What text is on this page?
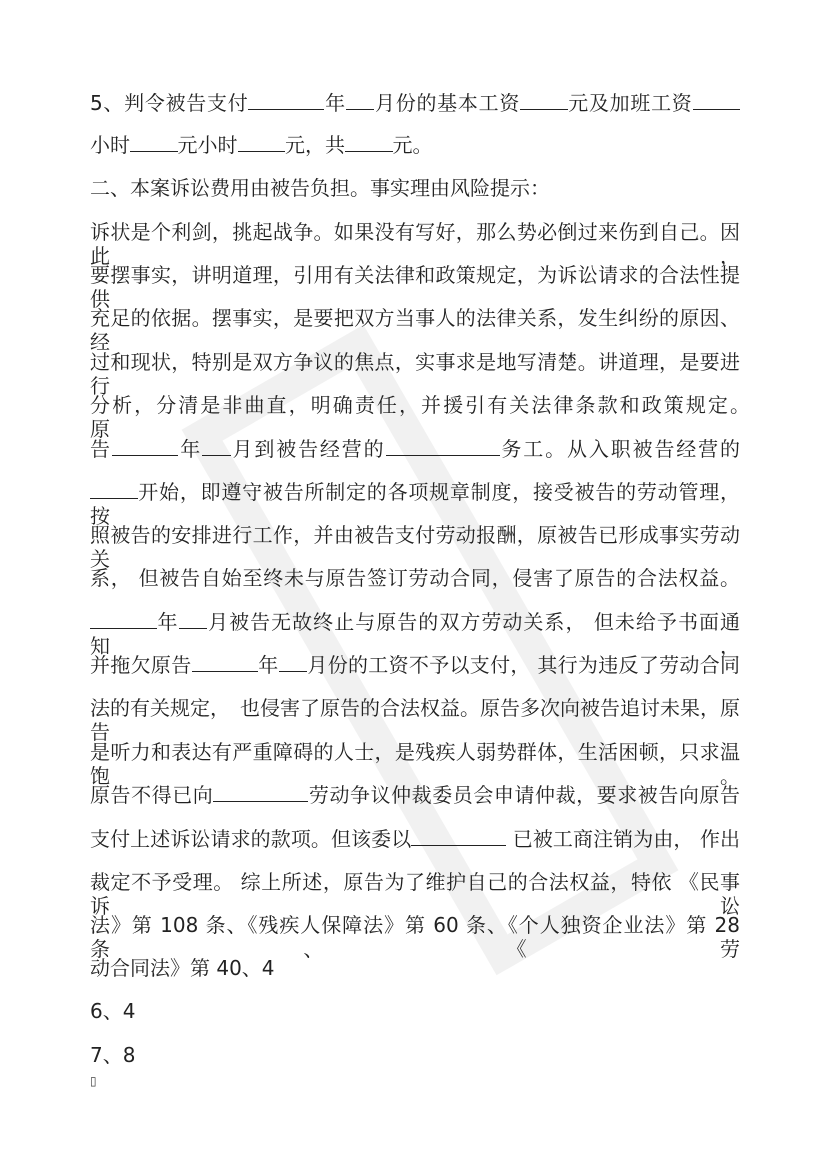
5、判令被告支付	年 月份的基本工资 元及加班工资
小时 元小时 元，共 元。
二、本案诉讼费用由被告负担。事实理由风险提示：
诉状是个利剑，挑起战争。如果没有写好，那么势必倒过来伤到自己。因此，
要摆事实，讲明道理，引用有关法律和政策规定，为诉讼请求的合法性提供
充足的依据。摆事实，是要把双方当事人的法律关系，发生纠纷的原因、经
过和现状，特别是双方争议的焦点，实事求是地写清楚。讲道理，是要进行
分析，分清是非曲直，明确责任，并援引有关法律条款和政策规定。　　　原
告	年 月到被告经营的	务工。从入职被告经营的
开始，即遵守被告所制定的各项规章制度，接受被告的劳动管理， 按
照被告的安排进行工作，并由被告支付劳动报酬，原被告已形成事实劳动关
系， 但被告自始至终未与原告签订劳动合同，侵害了原告的合法权益。
年 月被告无故终止与原告的双方劳动关系， 但未给予书面通知，
并拖欠原告	年 月份的工资不予以支付， 其行为违反了劳动合同
法的有关规定，　也侵害了原告的合法权益。原告多次向被告追讨未果，原告
是听力和表达有严重障碍的人士，是残疾人弱势群体，生活困顿，只求温饱。
原告不得已向	劳动争议仲裁委员会申请仲裁，要求被告向原告
支付上述诉讼请求的款项。但该委以	已被工商注销为由， 作出
裁定不予受理。 综上所述，原告为了维护自己的合法权益，特依 《民事诉讼
法》第 108 条、《残疾人保障法》第 60 条、《个人独资企业法》第 28 条、《劳
动合同法》第 40、4
6、4
7、8
▯
